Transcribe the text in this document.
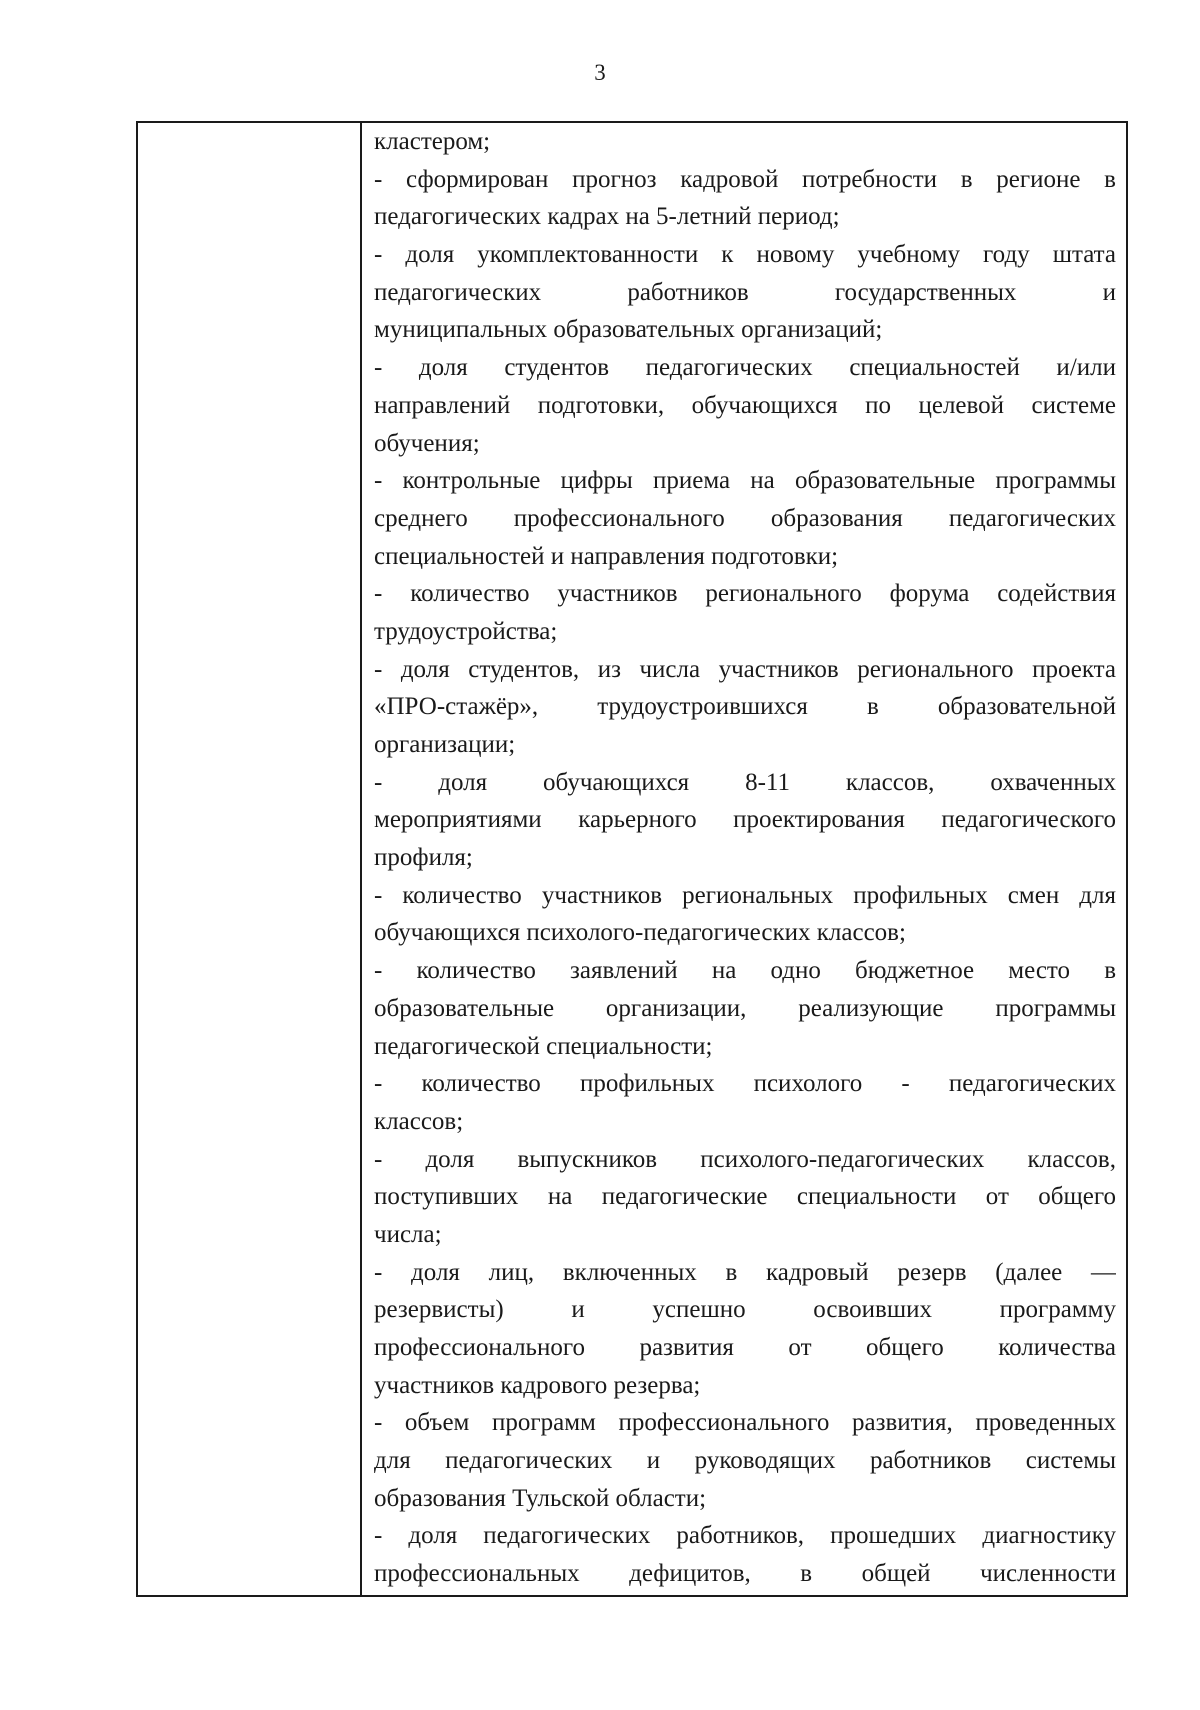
3
кластером;
- сформирован прогноз кадровой потребности в регионе в
педагогических кадрах на 5-летний период;
- доля укомплектованности к новому учебному году штата
педагогических работников государственных и
муниципальных образовательных организаций;
- доля студентов педагогических специальностей и/или
направлений подготовки, обучающихся по целевой системе
обучения;
- контрольные цифры приема на образовательные программы
среднего профессионального образования педагогических
специальностей и направления подготовки;
- количество участников регионального форума содействия
трудоустройства;
- доля студентов, из числа участников регионального проекта
«ПРО-стажёр», трудоустроившихся в образовательной
организации;
- доля обучающихся 8-11 классов, охваченных
мероприятиями карьерного проектирования педагогического
профиля;
- количество участников региональных профильных смен для
обучающихся психолого-педагогических классов;
- количество заявлений на одно бюджетное место в
образовательные организации, реализующие программы
педагогической специальности;
- количество профильных психолого - педагогических
классов;
- доля выпускников психолого-педагогических классов,
поступивших на педагогические специальности от общего
числа;
- доля лиц, включенных в кадровый резерв (далее —
резервисты) и успешно освоивших программу
профессионального развития от общего количества
участников кадрового резерва;
- объем программ профессионального развития, проведенных
для педагогических и руководящих работников системы
образования Тульской области;
- доля педагогических работников, прошедших диагностику
профессиональных дефицитов, в общей численности
